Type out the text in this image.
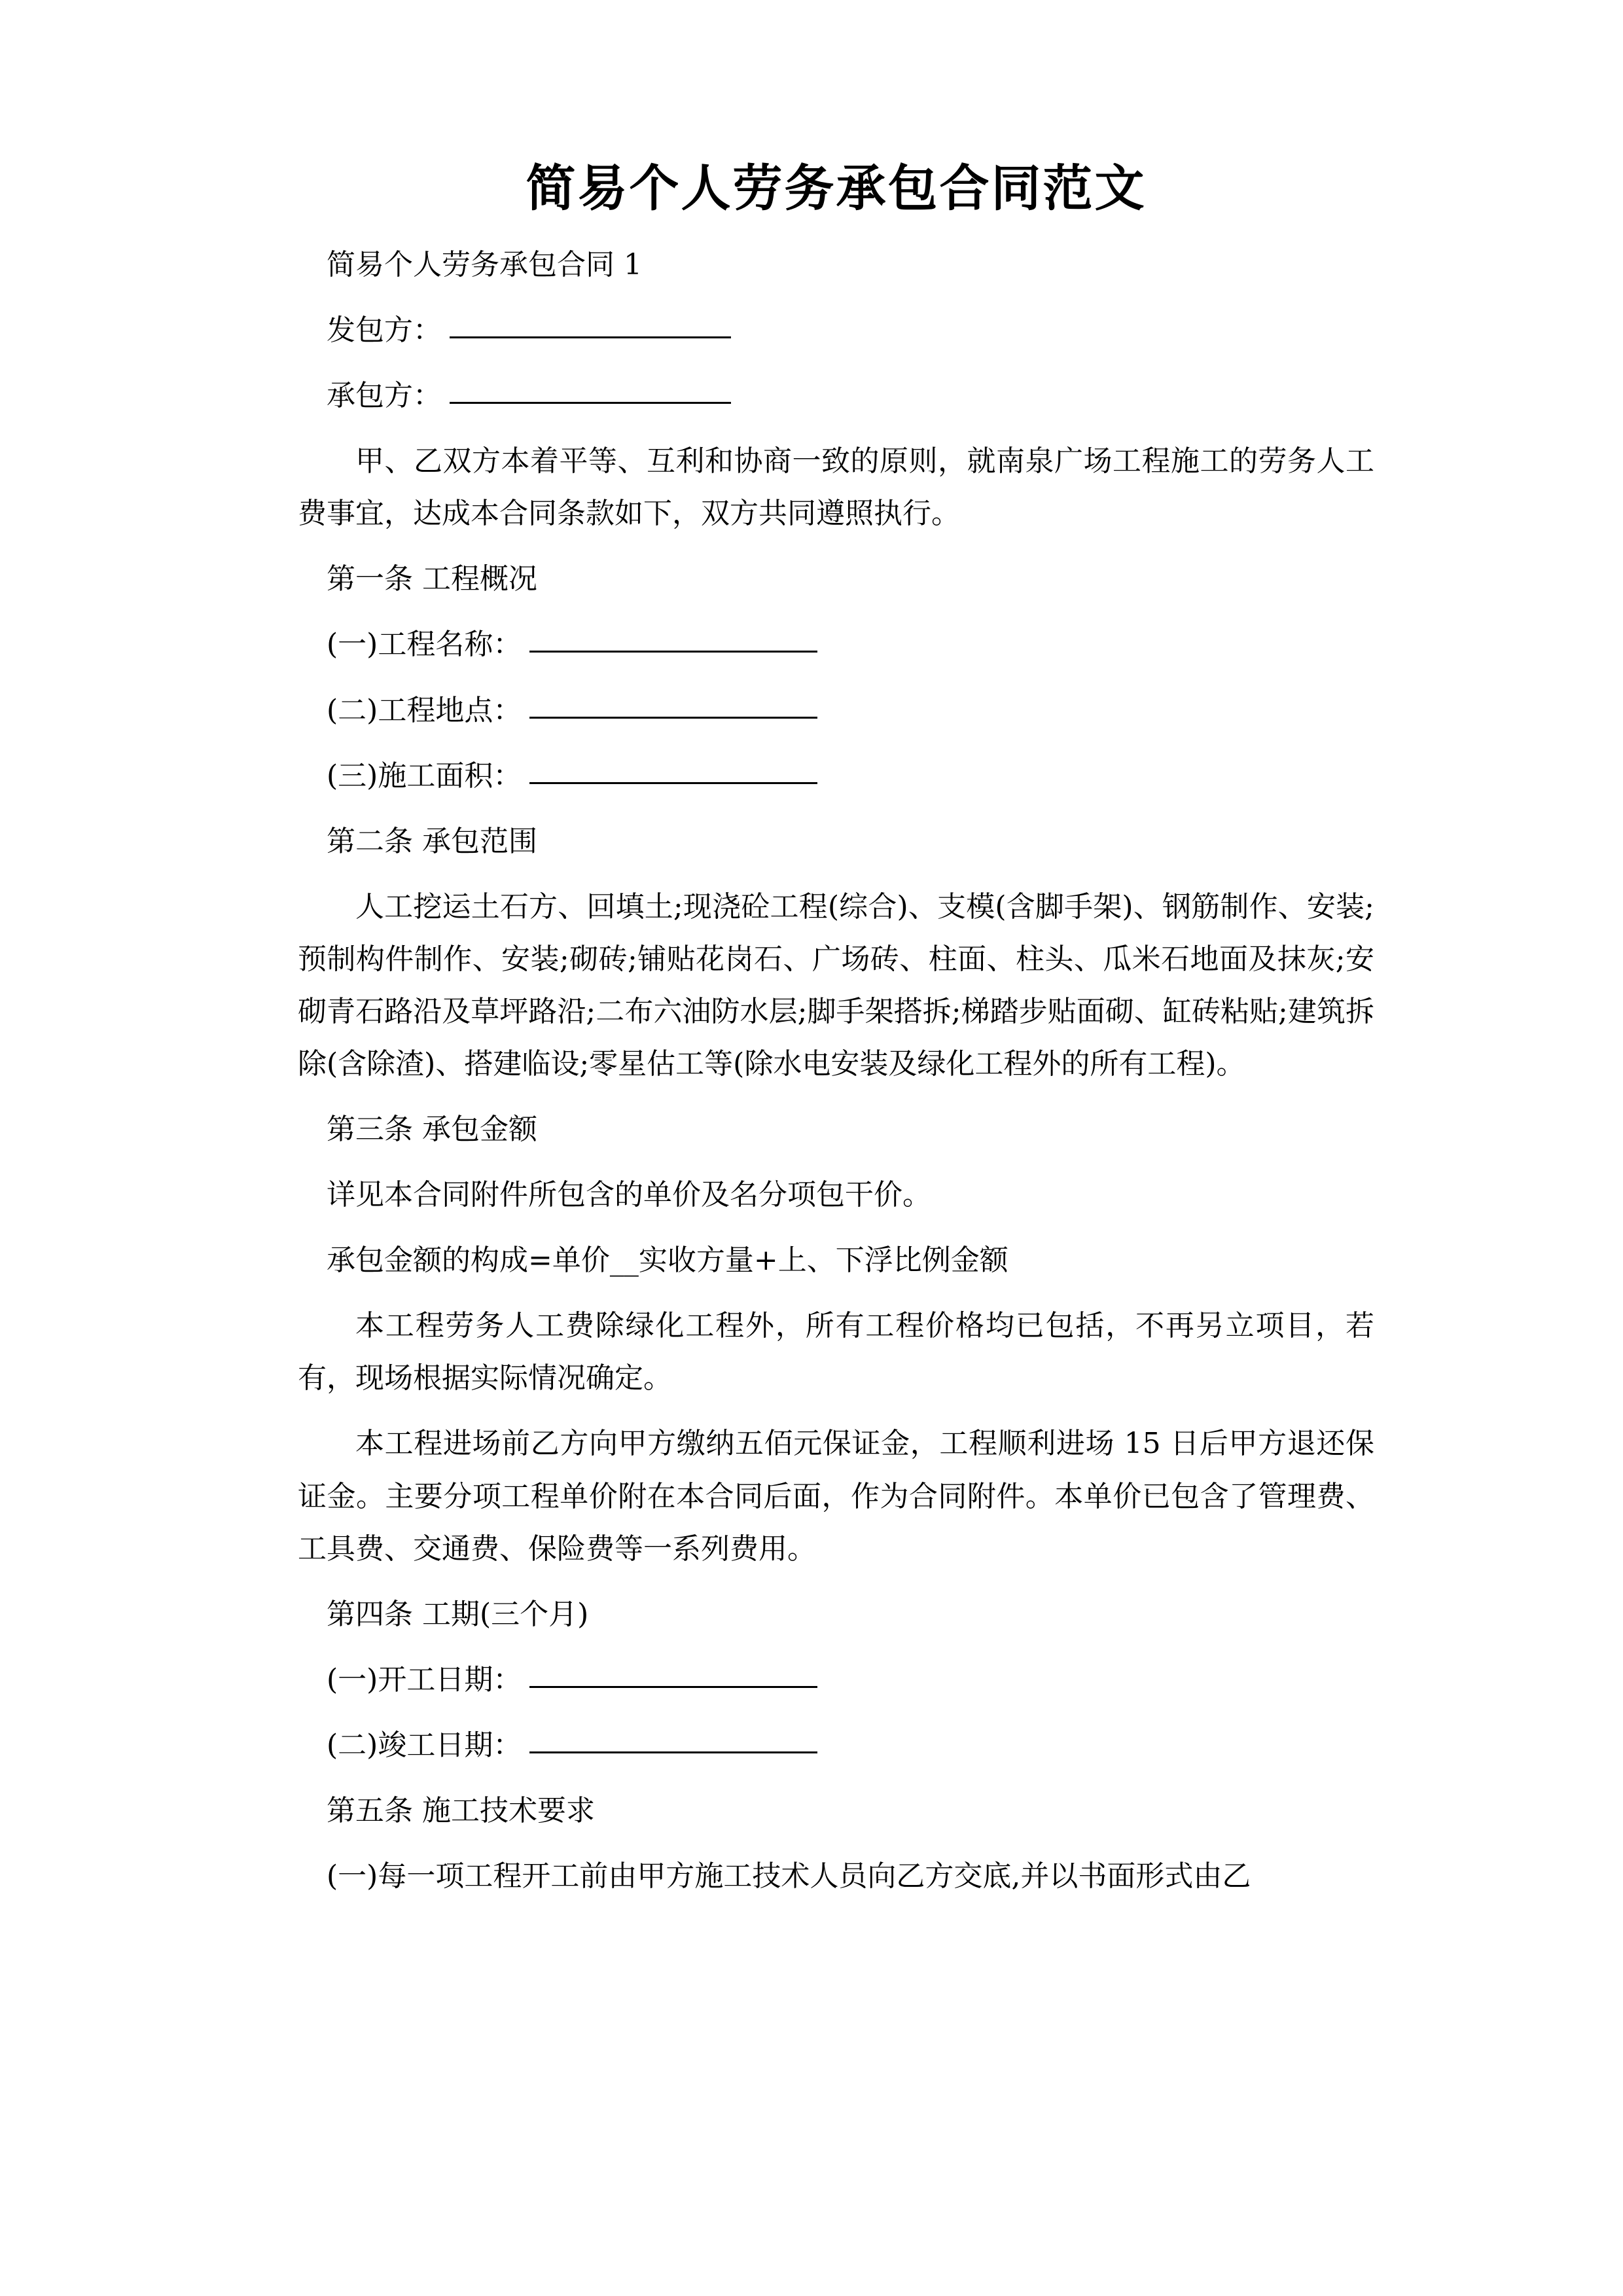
简易个人劳务承包合同范文

简易个人劳务承包合同 1

发包方：

承包方：

甲、乙双方本着平等、互利和协商一致的原则，就南泉广场工程施工的劳务人工费事宜，达成本合同条款如下，双方共同遵照执行。

第一条 工程概况

(一)工程名称：

(二)工程地点：

(三)施工面积：

第二条 承包范围

人工挖运土石方、回填土;现浇砼工程(综合)、支模(含脚手架)、钢筋制作、安装;预制构件制作、安装;砌砖;铺贴花岗石、广场砖、柱面、柱头、瓜米石地面及抹灰;安砌青石路沿及草坪路沿;二布六油防水层;脚手架搭拆;梯踏步贴面砌、缸砖粘贴;建筑拆除(含除渣)、搭建临设;零星估工等(除水电安装及绿化工程外的所有工程)。

第三条 承包金额

详见本合同附件所包含的单价及名分项包干价。

承包金额的构成=单价__实收方量+上、下浮比例金额

本工程劳务人工费除绿化工程外，所有工程价格均已包括，不再另立项目，若有，现场根据实际情况确定。

本工程进场前乙方向甲方缴纳五佰元保证金，工程顺利进场 15 日后甲方退还保证金。主要分项工程单价附在本合同后面，作为合同附件。本单价已包含了管理费、工具费、交通费、保险费等一系列费用。

第四条 工期(三个月)

(一)开工日期：

(二)竣工日期：

第五条 施工技术要求

(一)每一项工程开工前由甲方施工技术人员向乙方交底,并以书面形式由乙
